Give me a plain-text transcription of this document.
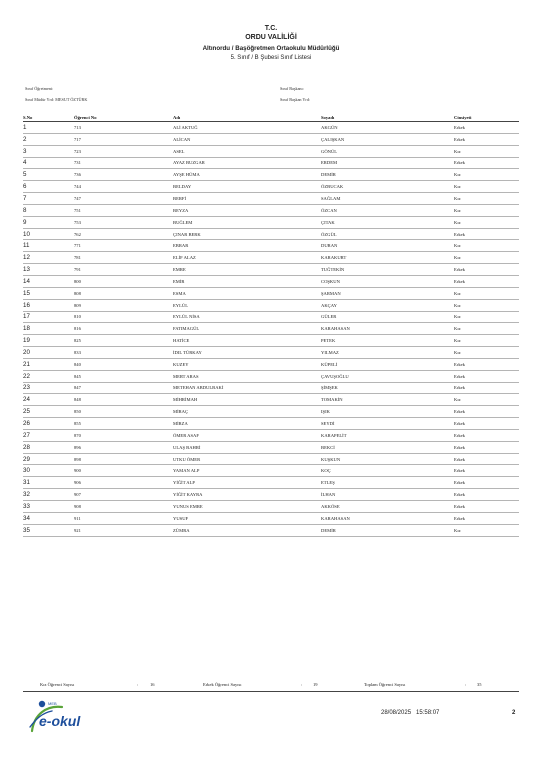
T.C.
ORDU VALİLİĞİ
Altınordu / Başöğretmen Ortaokulu Müdürlüğü
5. Sınıf / B Şubesi Sınıf Listesi
Sınıf Öğretmeni:	Sınıf Başkanı:
Sınıf Müdür Yrd: MESUT ÖZTÜRK	Sınıf Başkan Yrd:
S.No	Öğrenci No	Adı	Soyadı	Cinsiyeti
1	713	ALİ AKTUĞ	AKGÜN	Erkek
2	717	ALİCAN	ÇALIŞKAN	Erkek
3	723	ASEL	GÖNÜL	Kız
4	731	AYAZ BUZGAR	ERDEM	Erkek
5	736	AYŞE HÜMA	DEMİR	Kız
6	744	BELDAY	ÖZBUCAK	Kız
7	747	BERFİ	SAĞLAM	Kız
8	751	BEYZA	ÖZCAN	Kız
9	753	BUĞLEM	ÇITAK	Kız
10	762	ÇINAR BERK	ÖZGÜL	Erkek
11	771	EBRAR	DURAN	Kız
12	781	ELİF ALAZ	KARAKURT	Kız
13	791	EMRE	TUĞTEKİN	Erkek
14	800	EMİR	COŞKUN	Erkek
15	808	ESMA	ŞARMAN	Kız
16	809	EYLÜL	AKÇAY	Kız
17	810	EYLÜL NİSA	GÜLER	Kız
18	816	FATIMAGÜL	KARAHASAN	Kız
19	825	HATİCE	PETEK	Kız
20	833	İDIL TÜRKAY	YILMAZ	Kız
21	840	KUZEY	KÜPELİ	Erkek
22	845	MERT ARAS	ÇAVUŞOĞLU	Erkek
23	847	METEHAN ABDULBAKİ	ŞİMŞEK	Erkek
24	848	MİHRİMAH	TOMAKİN	Kız
25	850	MİRAÇ	IŞIK	Erkek
26	855	MİRZA	SEYDİ	Erkek
27	870	ÖMER ASAF	KARAPELİT	Erkek
28	896	ULAŞ BAHRİ	BEKCİ	Erkek
29	898	UTKU ÖMER	KUŞKUN	Erkek
30	900	YAMAN ALP	KOÇ	Erkek
31	906	YİĞİT ALP	ETLEŞ	Erkek
32	907	YİĞİT KAYRA	İLHAN	Erkek
33	908	YUNUS EMRE	AKKÖSE	Erkek
34	911	YUSUF	KARAHASAN	Erkek
35	921	ZÜMRA	DEMİR	Kız
Kız Öğrenci Sayısı	:	16	Erkek Öğrenci Sayısı	: 19	Toplam Öğrenci Sayısı	: 35
MEB
e-okul	28/08/2025   15:58:07	2
